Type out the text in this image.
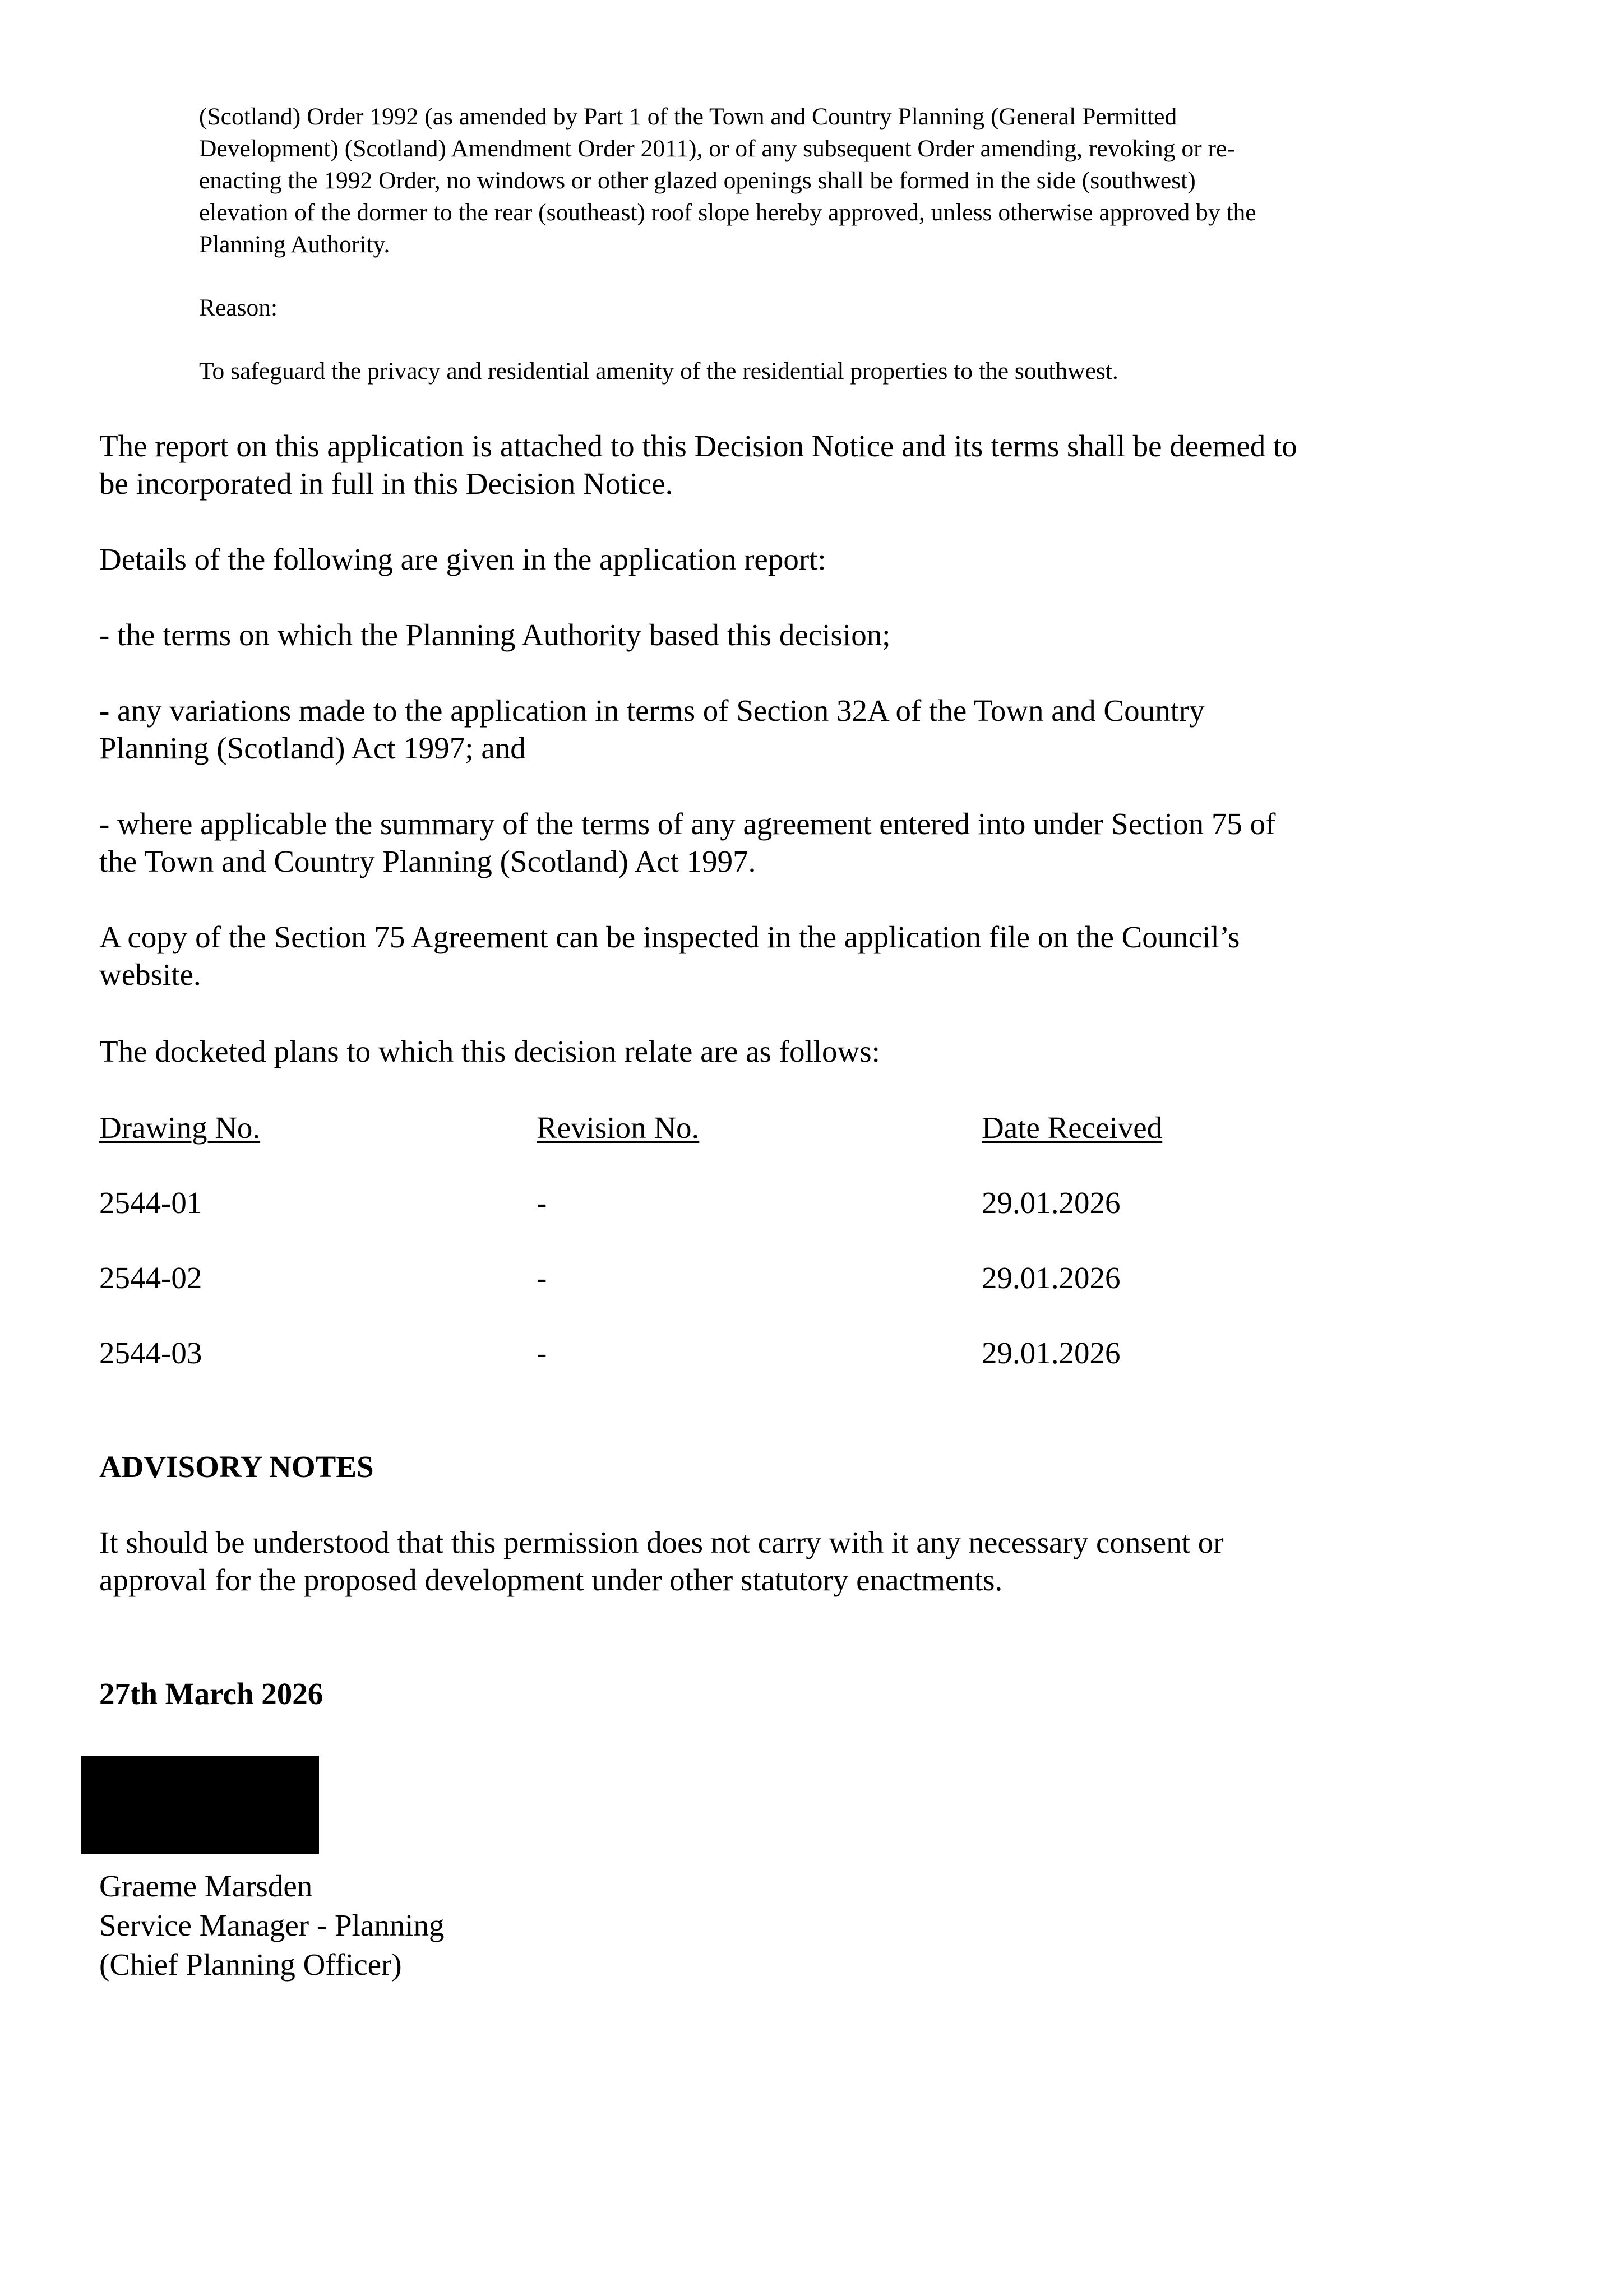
(Scotland) Order 1992 (as amended by Part 1 of the Town and Country Planning (General Permitted
Development) (Scotland) Amendment Order 2011), or of any subsequent Order amending, revoking or re-
enacting the 1992 Order, no windows or other glazed openings shall be formed in the side (southwest)
elevation of the dormer to the rear (southeast) roof slope hereby approved, unless otherwise approved by the
Planning Authority.

Reason:

To safeguard the privacy and residential amenity of the residential properties to the southwest.

The report on this application is attached to this Decision Notice and its terms shall be deemed to
be incorporated in full in this Decision Notice.

Details of the following are given in the application report:

- the terms on which the Planning Authority based this decision;

- any variations made to the application in terms of Section 32A of the Town and Country
Planning (Scotland) Act 1997; and

- where applicable the summary of the terms of any agreement entered into under Section 75 of
the Town and Country Planning (Scotland) Act 1997.

A copy of the Section 75 Agreement can be inspected in the application file on the Council’s
website.

The docketed plans to which this decision relate are as follows:

Drawing No.	Revision No.	Date Received
2544-01	-	29.01.2026
2544-02	-	29.01.2026
2544-03	-	29.01.2026

ADVISORY NOTES

It should be understood that this permission does not carry with it any necessary consent or
approval for the proposed development under other statutory enactments.

27th March 2026

Graeme Marsden
Service Manager - Planning
(Chief Planning Officer)
